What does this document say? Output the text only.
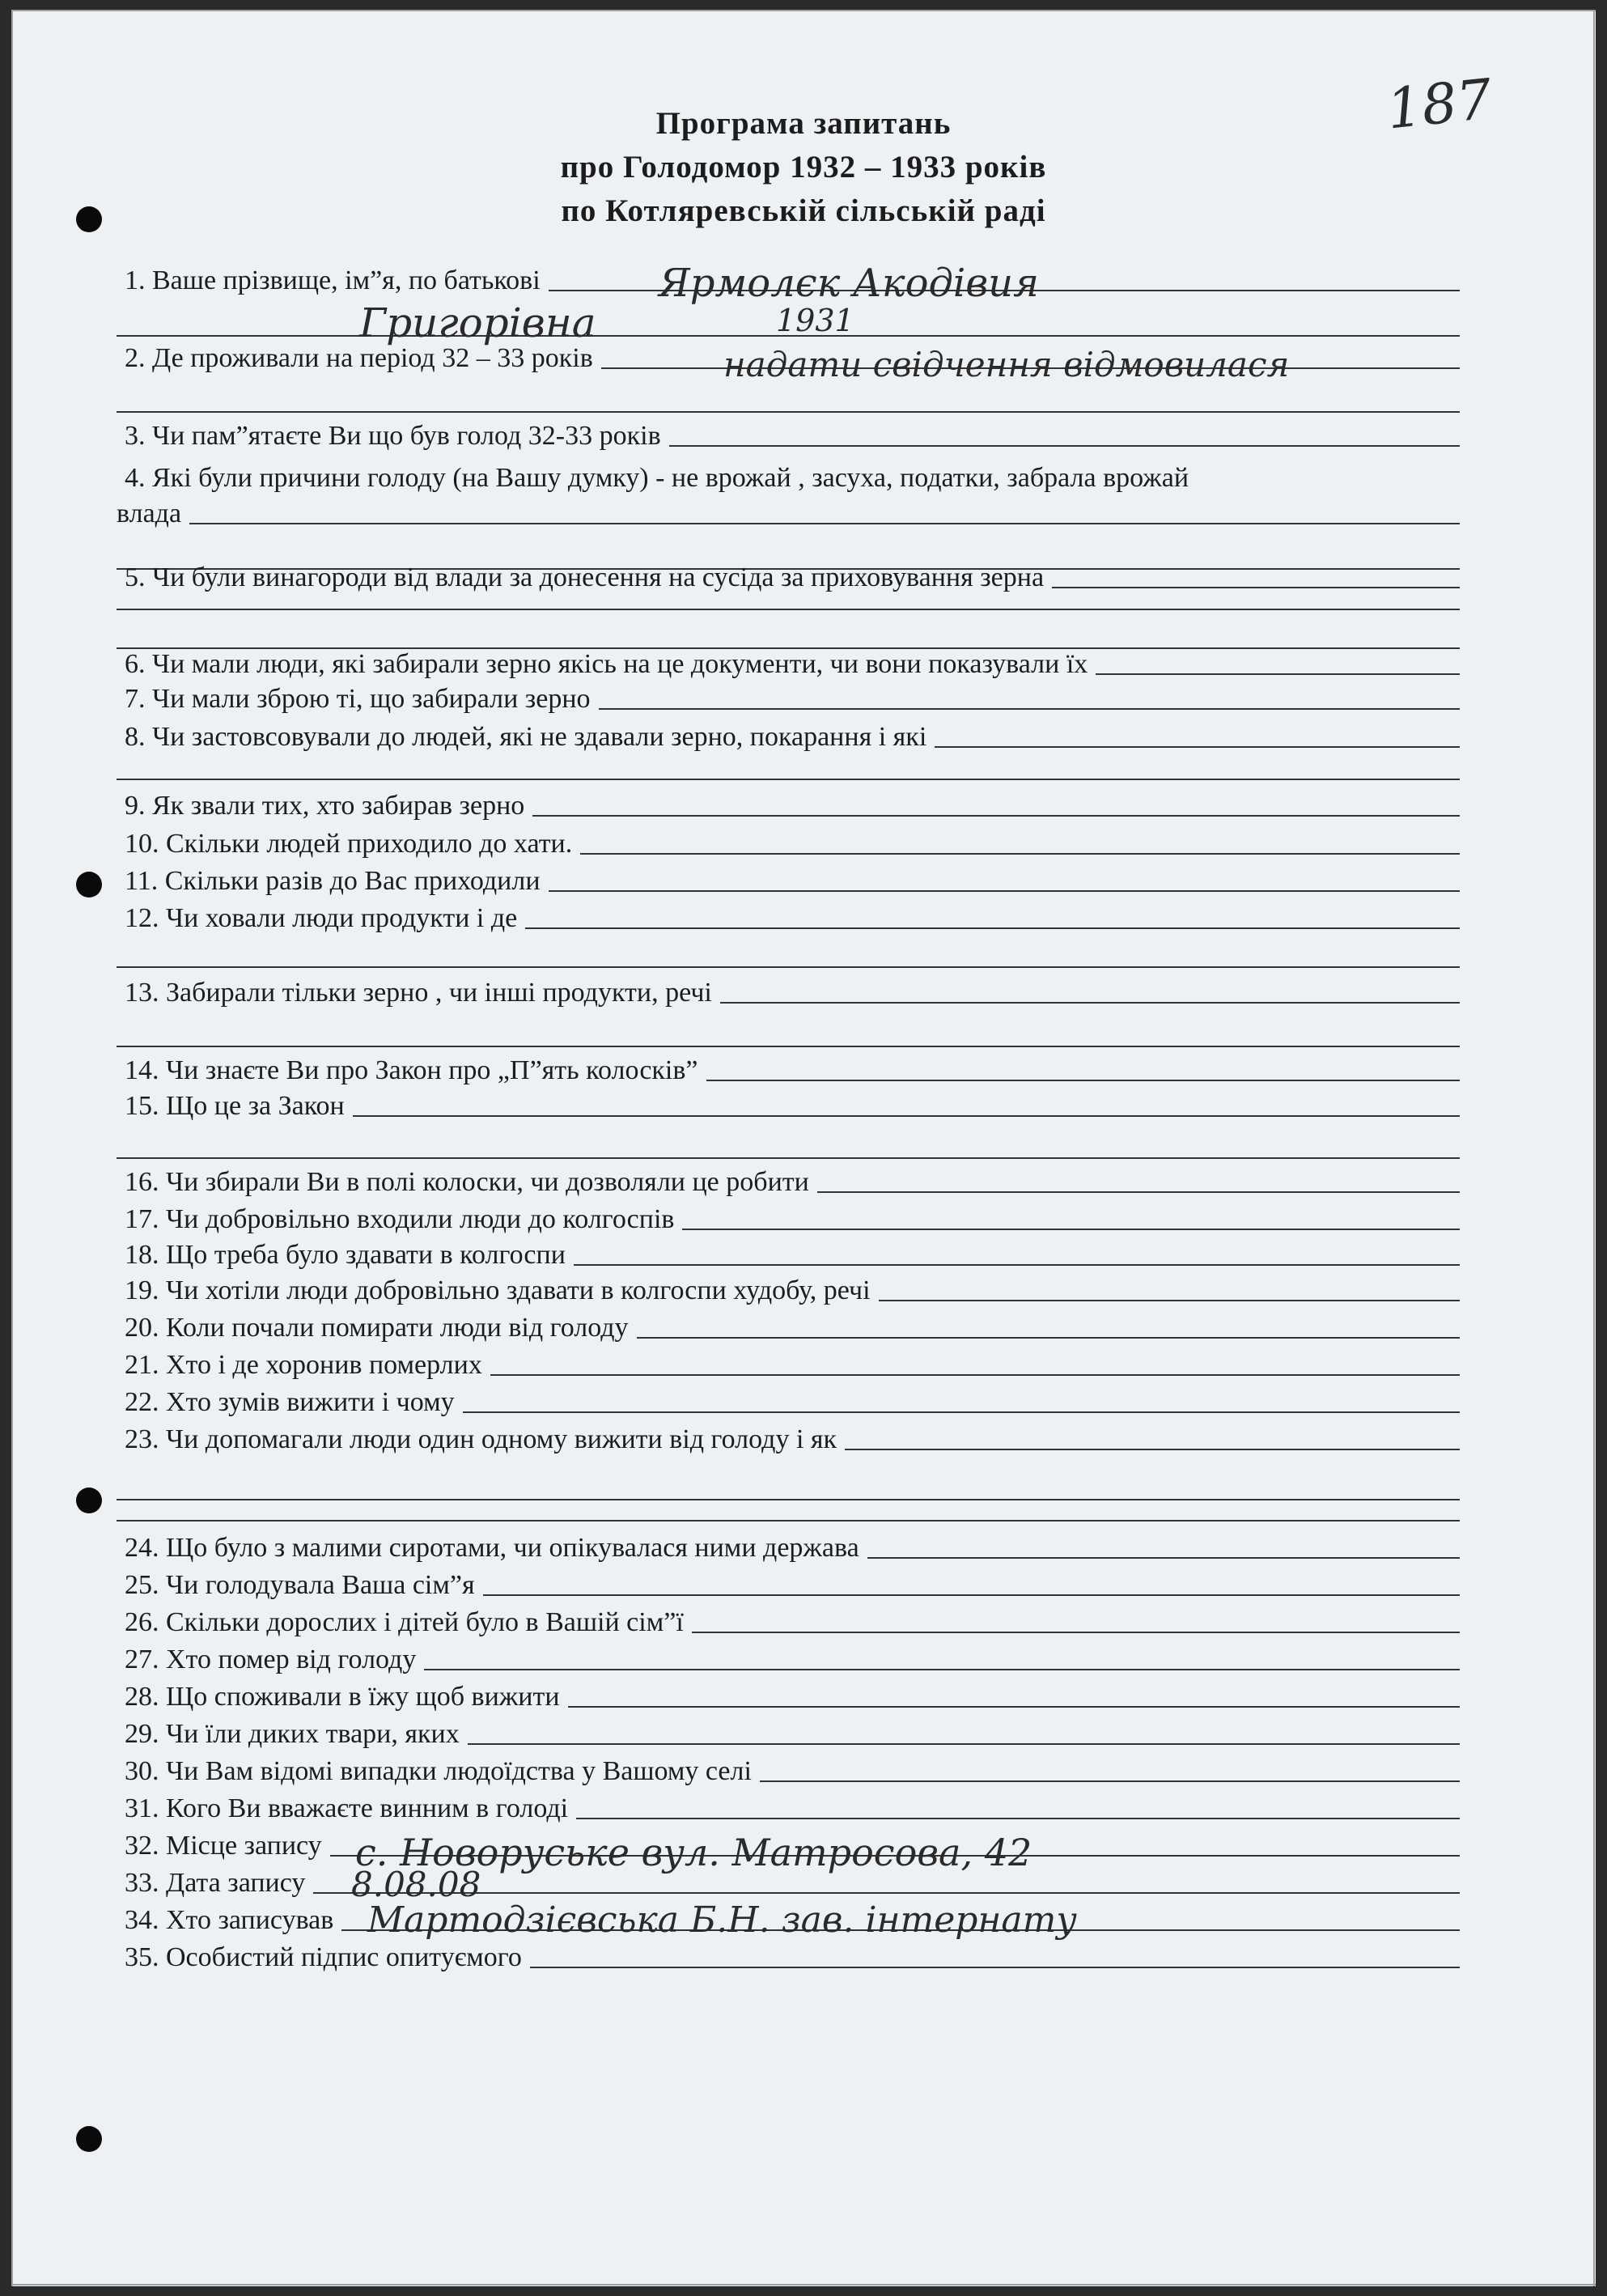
187
Програма запитань
про Голодомор 1932 – 1933 років
по Котляревській сільській раді
1. Ваше прізвище, ім”я, по батькові
2. Де проживали на період 32 – 33 років
3. Чи пам”ятаєте Ви що був голод 32-33 років
4. Які були причини голоду (на Вашу думку) - не врожай , засуха, податки, забрала врожай
влада
5. Чи були винагороди від влади за донесення на сусіда за приховування зерна
6. Чи мали люди, які забирали зерно якісь на це документи, чи вони показували їх
7. Чи мали зброю ті, що забирали зерно
8. Чи застовсовували до людей, які не здавали зерно, покарання і які
9. Як звали тих, хто забирав зерно
10. Скільки людей приходило до хати.
11. Скільки разів до Вас приходили
12. Чи ховали люди продукти і де
13. Забирали тільки зерно , чи інші продукти, речі
14. Чи знаєте Ви про Закон про „П”ять колосків”
15. Що це за Закон
16. Чи збирали Ви в полі колоски, чи дозволяли це робити
17. Чи добровільно входили люди до колгоспів
18. Що треба було здавати в колгоспи
19. Чи хотіли люди добровільно здавати в колгоспи худобу, речі
20. Коли почали помирати люди від голоду
21. Хто і де хоронив померлих
22. Хто зумів вижити і чому
23. Чи допомагали люди один одному вижити від голоду і як
24. Що було з малими сиротами, чи опікувалася ними держава
25. Чи голодувала Ваша сім”я
26. Скільки дорослих і дітей було в Вашій сім”ї
27. Хто помер від голоду
28. Що споживали в їжу щоб вижити
29. Чи їли диких твари, яких
30. Чи Вам відомі випадки людоїдства у Вашому селі
31. Кого Ви вважаєте винним в голоді
32. Місце запису
33. Дата запису
34. Хто записував
35. Особистий підпис опитуємого
Ярмолєк Акодівия
Григорівна	1931
надати свідчення відмовилася
с. Новоруське вул. Матросова, 42
8.08.08
Мартодзієвська Б.Н. зав. інтернату
